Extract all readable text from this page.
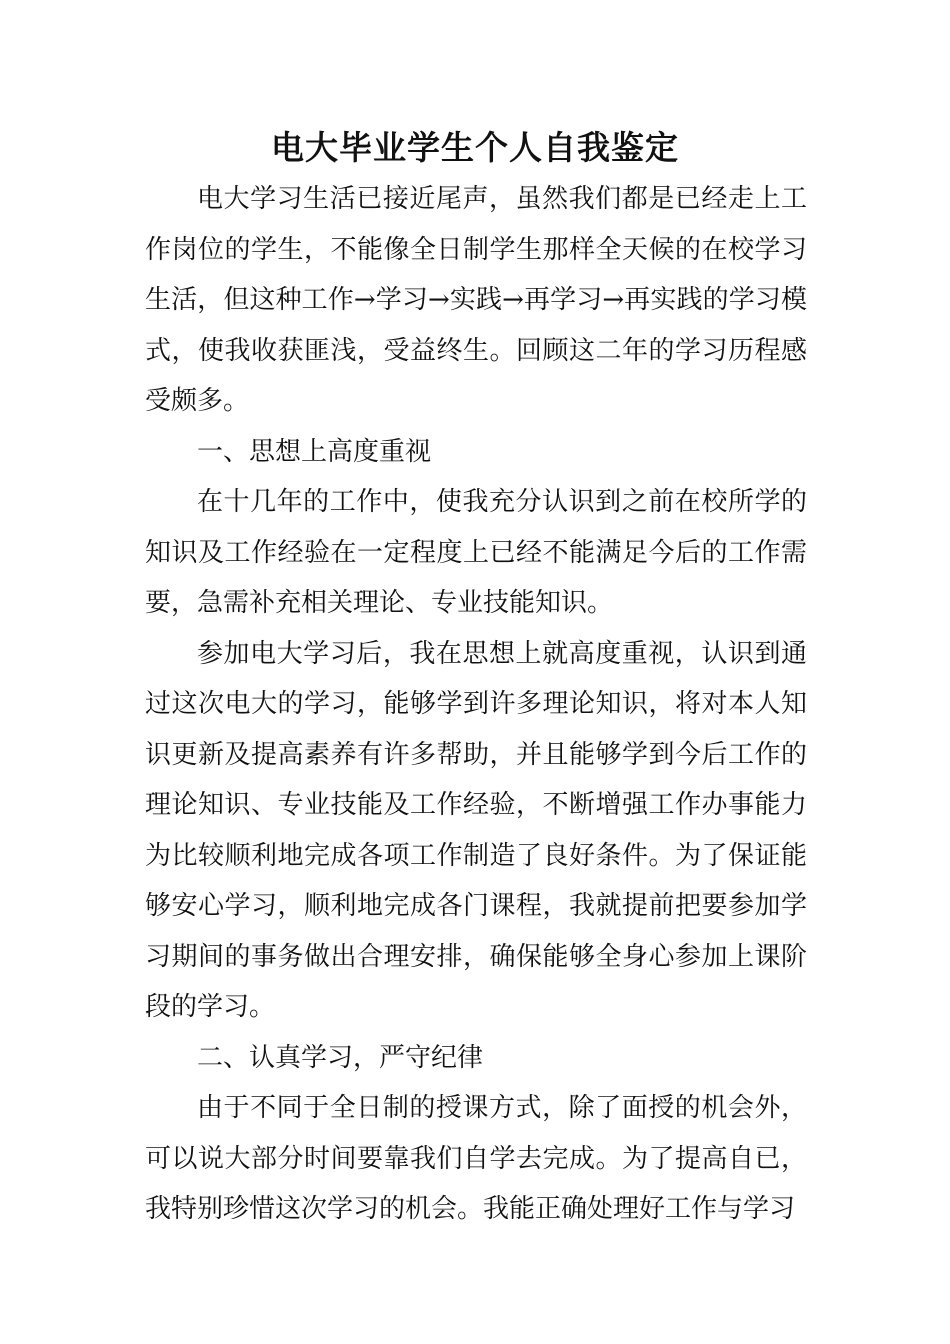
电大毕业学生个人自我鉴定

电大学习生活已接近尾声，虽然我们都是已经走上工作岗位的学生，不能像全日制学生那样全天候的在校学习生活，但这种工作→学习→实践→再学习→再实践的学习模式，使我收获匪浅，受益终生。回顾这二年的学习历程感受颇多。

一、思想上高度重视

在十几年的工作中，使我充分认识到之前在校所学的知识及工作经验在一定程度上已经不能满足今后的工作需要，急需补充相关理论、专业技能知识。

参加电大学习后，我在思想上就高度重视，认识到通过这次电大的学习，能够学到许多理论知识，将对本人知识更新及提高素养有许多帮助，并且能够学到今后工作的理论知识、专业技能及工作经验，不断增强工作办事能力为比较顺利地完成各项工作制造了良好条件。为了保证能够安心学习，顺利地完成各门课程，我就提前把要参加学习期间的事务做出合理安排，确保能够全身心参加上课阶段的学习。

二、认真学习，严守纪律

由于不同于全日制的授课方式，除了面授的机会外，可以说大部分时间要靠我们自学去完成。为了提高自已，我特别珍惜这次学习的机会。我能正确处理好工作与学习
